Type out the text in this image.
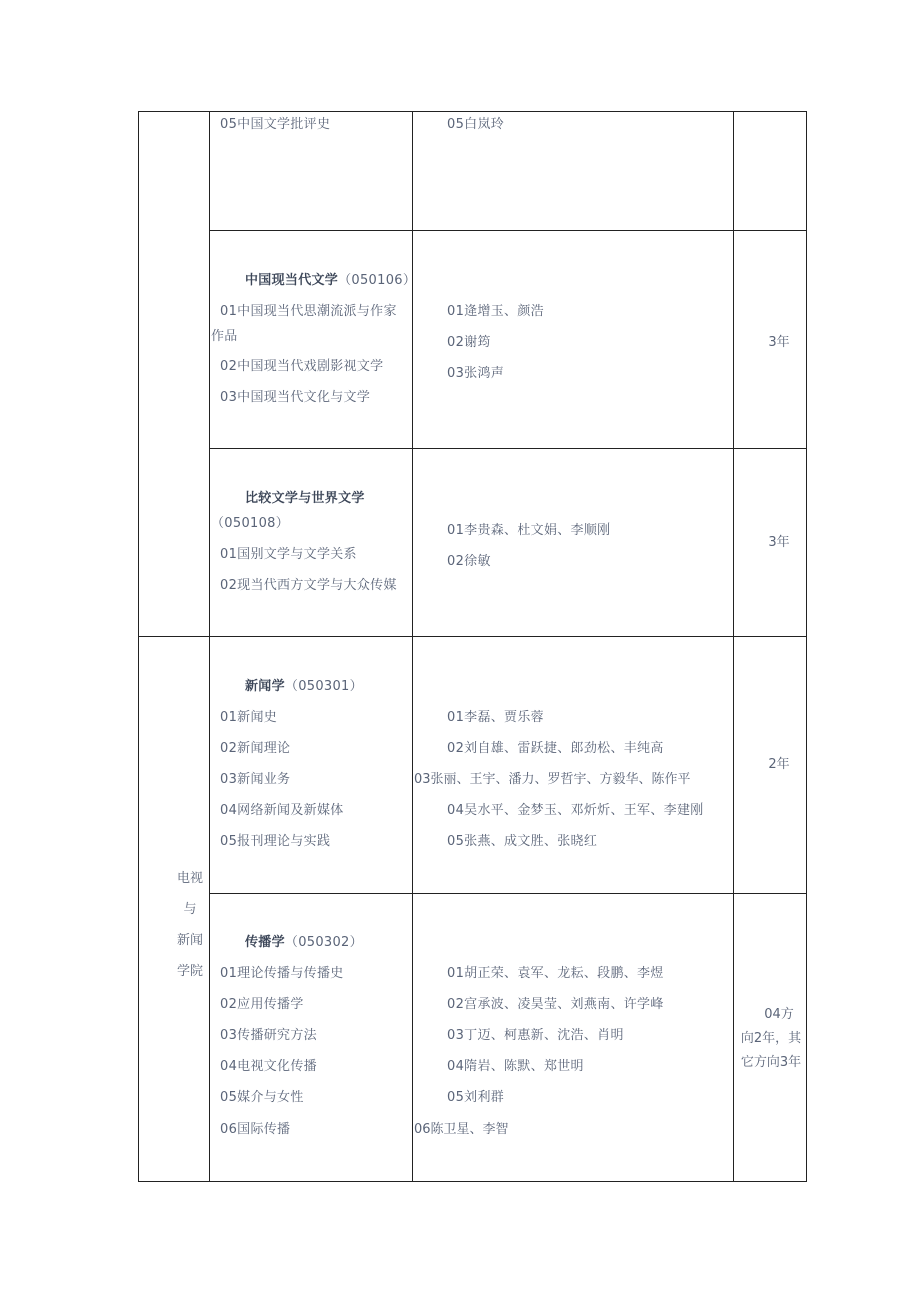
05中国文学批评史	05白岚玲
中国现当代文学（050106）
01中国现当代思潮流派与作家
作品
02中国现当代戏剧影视文学
03中国现当代文化与文学
01逄增玉、颜浩
02谢筠
03张鸿声
3年
比较文学与世界文学
（050108）
01国别文学与文学关系
02现当代西方文学与大众传媒
01李贵森、杜文娟、李顺刚
02徐敏
3年
新闻学（050301）
01新闻史
02新闻理论
03新闻业务
04网络新闻及新媒体
05报刊理论与实践
01李磊、贾乐蓉
02刘自雄、雷跃捷、郎劲松、丰纯高
03张丽、王宇、潘力、罗哲宇、方毅华、陈作平
04吴水平、金梦玉、邓炘炘、王军、李建刚
05张燕、成文胜、张晓红
2年
电视
与
新闻
学院
传播学（050302）
01理论传播与传播史
02应用传播学
03传播研究方法
04电视文化传播
05媒介与女性
06国际传播
01胡正荣、袁军、龙耘、段鹏、李煜
02宫承波、凌昊莹、刘燕南、许学峰
03丁迈、柯惠新、沈浩、肖明
04隋岩、陈默、郑世明
05刘利群
06陈卫星、李智
04方
向2年，其
它方向3年
